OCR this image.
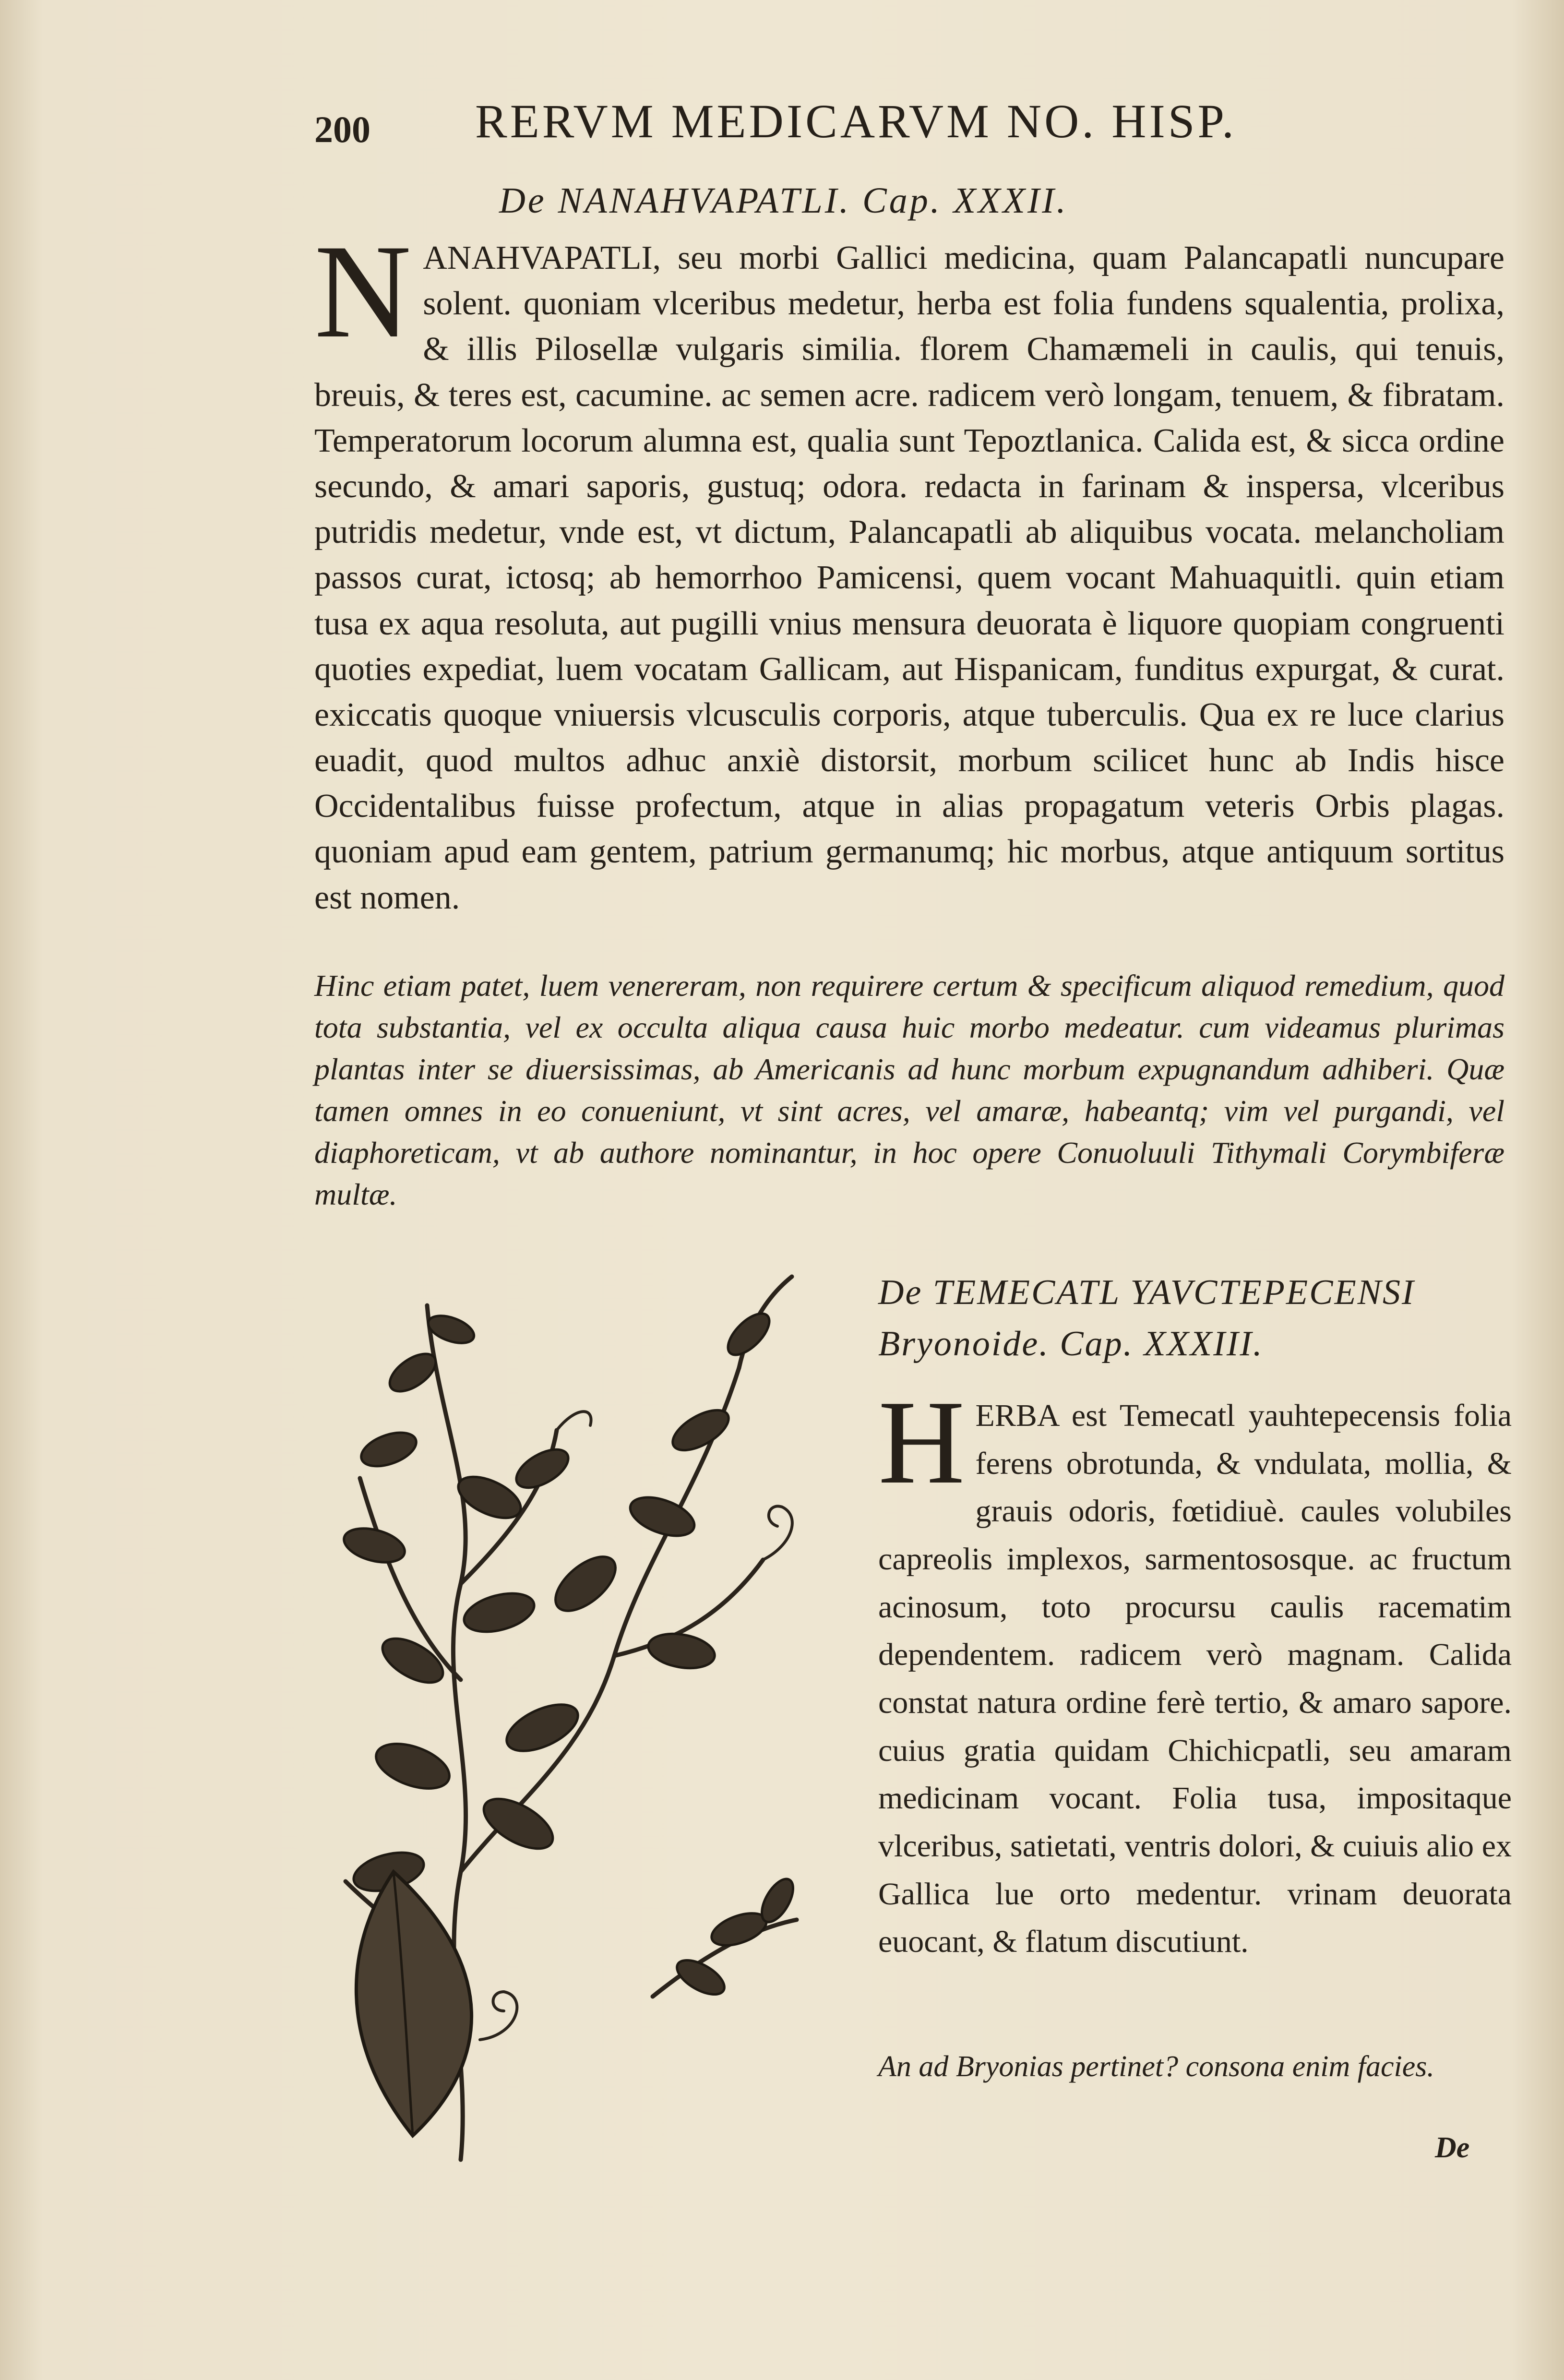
200 RERVM MEDICARVM NO. HISP.
De NANAHVAPATLI. Cap. XXXII.

N ANAHVAPATLI, seu morbi Gallici medicina, quam Palancapatli nuncupare solent. quoniam vlceribus medetur, herba est folia fundens squalentia, prolixa, & illis Pilosellæ vulgaris similia. florem Chamæmeli in caulis, qui tenuis, breuis, & teres est, cacumine. ac semen acre. radicem verò longam, tenuem, & fibratam. Temperatorum locorum alumna est, qualia sunt Tepoztlanica. Calida est, & sicca ordine secundo, & amari saporis, gustuq; odora. redacta in farinam & inspersa, vlceribus putridis medetur, vnde est, vt dictum, Palancapatli ab aliquibus vocata. melancholiam passos curat, ictosq; ab hemorrhoo Pamicensi, quem vocant Mahuaquitli. quin etiam tusa ex aqua resoluta, aut pugilli vnius mensura deuorata è liquore quopiam congruenti quoties expediat, luem vocatam Gallicam, aut Hispanicam, funditus expurgat, & curat. exiccatis quoque vniuersis vlcusculis corporis, atque tuberculis. Qua ex re luce clarius euadit, quod multos adhuc anxiè distorsit, morbum scilicet hunc ab Indis hisce Occidentalibus fuisse profectum, atque in alias propagatum veteris Orbis plagas. quoniam apud eam gentem, patrium germanumq; hic morbus, atque antiquum sortitus est nomen.

Hinc etiam patet, luem venereram, non requirere certum & specificum aliquod remedium, quod tota substantia, vel ex occulta aliqua causa huic morbo medeatur. cum videamus plurimas plantas inter se diuersissimas, ab Americanis ad hunc morbum expugnandum adhiberi. Quæ tamen omnes in eo conueniunt, vt sint acres, vel amaræ, habeantq; vim vel purgandi, vel diaphoreticam, vt ab authore nominantur, in hoc opere Conuoluuli Tithymali Corymbiferæ multæ.

De TEMECATL YAVCTEPECENSI Bryonoide. Cap. XXXIII.

H ERBA est Temecatl yauhtepecensis folia ferens obrotunda, & vndulata, mollia, & grauis odoris, fœtidiuè. caules volubiles capreolis implexos, sarmentososque. ac fructum acinosum, toto procursu caulis racematim dependentem. radicem verò magnam. Calida constat natura ordine ferè tertio, & amaro sapore. cuius gratia quidam Chichicpatli, seu amaram medicinam vocant. Folia tusa, impositaque vlceribus, satietati, ventris dolori, & cuiuis alio ex Gallica lue orto medentur. vrinam deuorata euocant, & flatum discutiunt.

An ad Bryonias pertinet? consona enim facies.

De
